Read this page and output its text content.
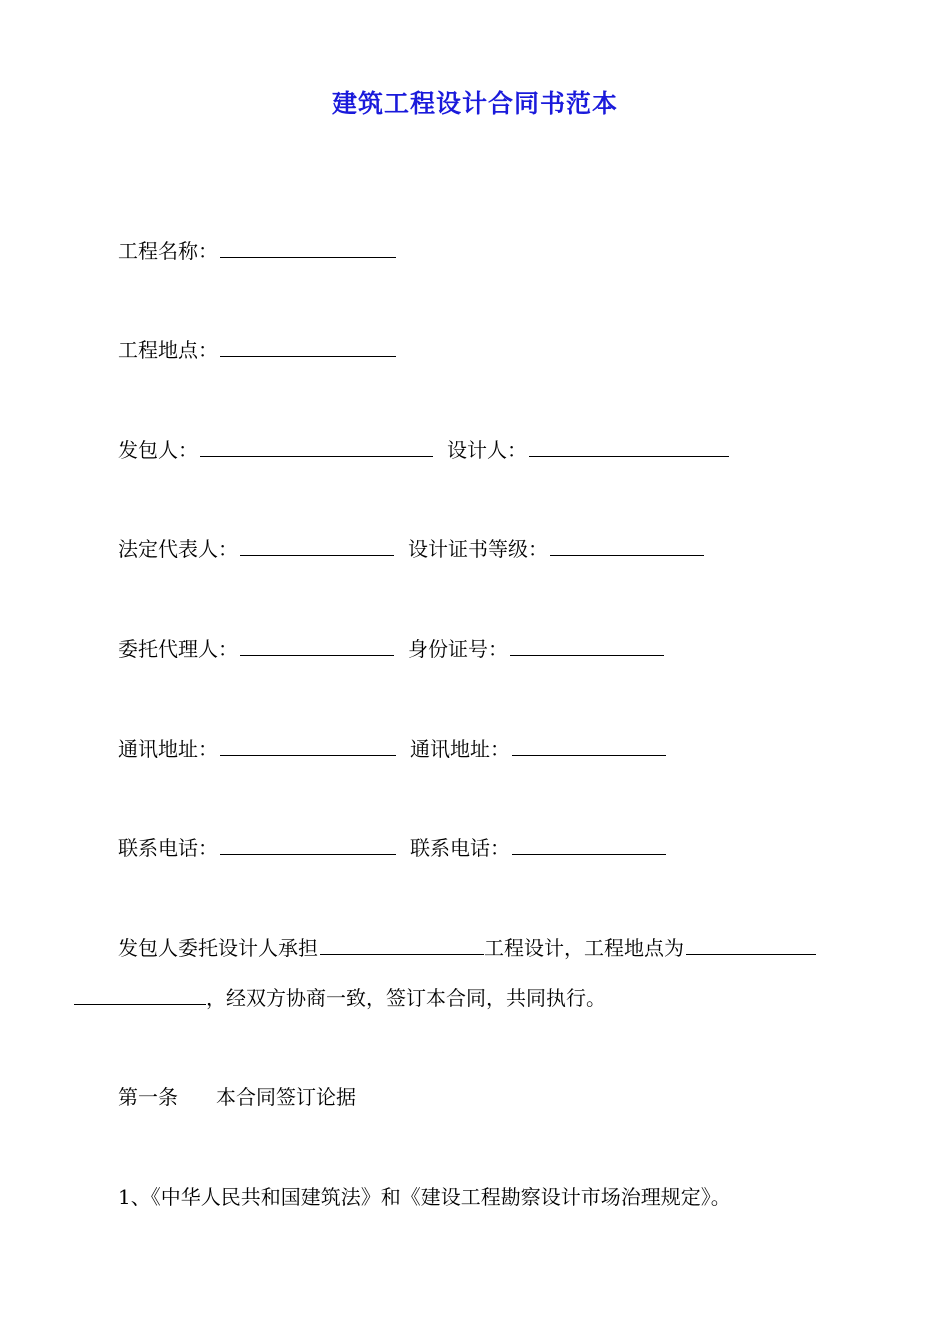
建筑工程设计合同书范本
工程名称：
工程地点：
发包人：	设计人：
法定代表人：	设计证书等级：
委托代理人：	身份证号：
通讯地址：	通讯地址：
联系电话：	联系电话：
发包人委托设计人承担	工程设计，工程地点为
，经双方协商一致，签订本合同，共同执行。
第一条 本合同签订论据
1、《中华人民共和国建筑法》和《建设工程勘察设计市场治理规定》。
